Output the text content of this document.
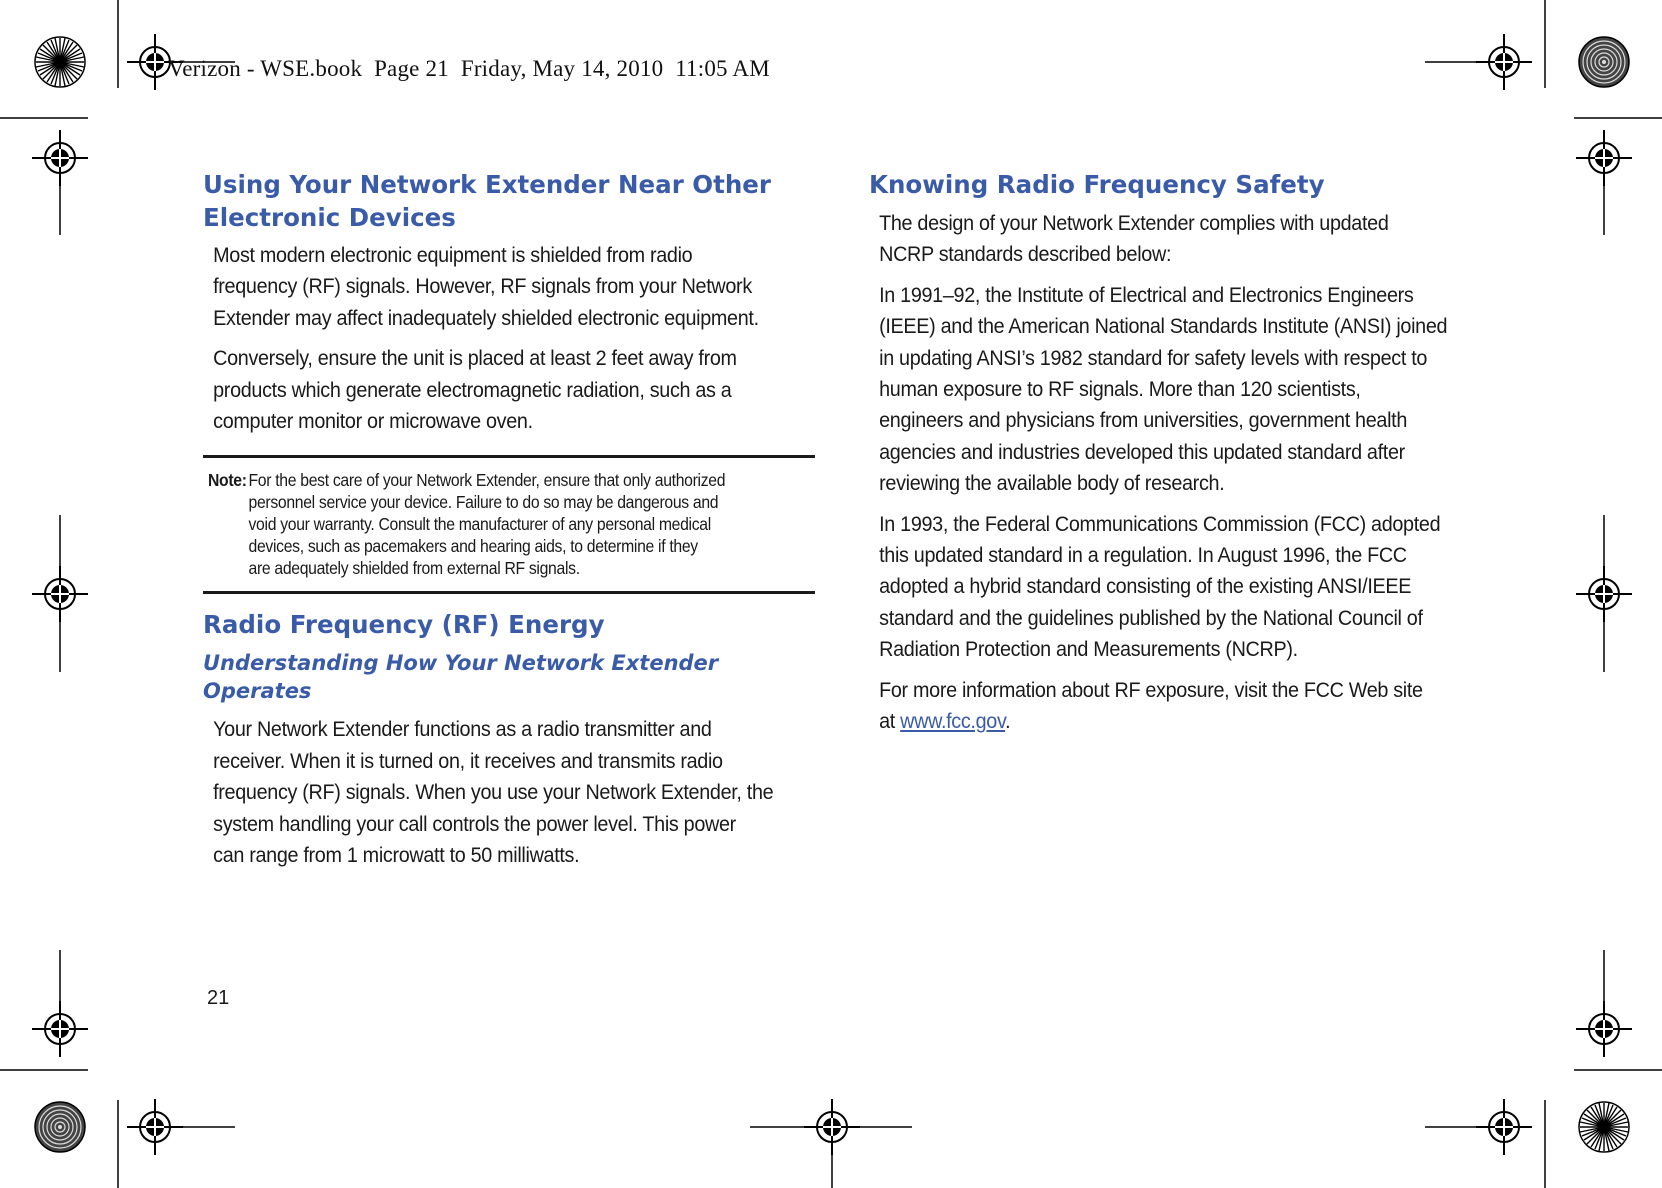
Verizon - WSE.book  Page 21  Friday, May 14, 2010  11:05 AM
Using Your Network Extender Near Other
Electronic Devices

Most modern electronic equipment is shielded from radio
frequency (RF) signals. However, RF signals from your Network
Extender may affect inadequately shielded electronic equipment.

Conversely, ensure the unit is placed at least 2 feet away from
products which generate electromagnetic radiation, such as a
computer monitor or microwave oven.

Note: For the best care of your Network Extender, ensure that only authorized
personnel service your device. Failure to do so may be dangerous and
void your warranty. Consult the manufacturer of any personal medical
devices, such as pacemakers and hearing aids, to determine if they
are adequately shielded from external RF signals.
Radio Frequency (RF) Energy
Understanding How Your Network Extender Operates

Your Network Extender functions as a radio transmitter and
receiver. When it is turned on, it receives and transmits radio
frequency (RF) signals. When you use your Network Extender, the
system handling your call controls the power level. This power
can range from 1 microwatt to 50 milliwatts.

Knowing Radio Frequency Safety

The design of your Network Extender complies with updated
NCRP standards described below:

In 1991–92, the Institute of Electrical and Electronics Engineers
(IEEE) and the American National Standards Institute (ANSI) joined
in updating ANSI’s 1982 standard for safety levels with respect to
human exposure to RF signals. More than 120 scientists,
engineers and physicians from universities, government health
agencies and industries developed this updated standard after
reviewing the available body of research.

In 1993, the Federal Communications Commission (FCC) adopted
this updated standard in a regulation. In August 1996, the FCC
adopted a hybrid standard consisting of the existing ANSI/IEEE
standard and the guidelines published by the National Council of
Radiation Protection and Measurements (NCRP).

For more information about RF exposure, visit the FCC Web site
at www.fcc.gov.

21
